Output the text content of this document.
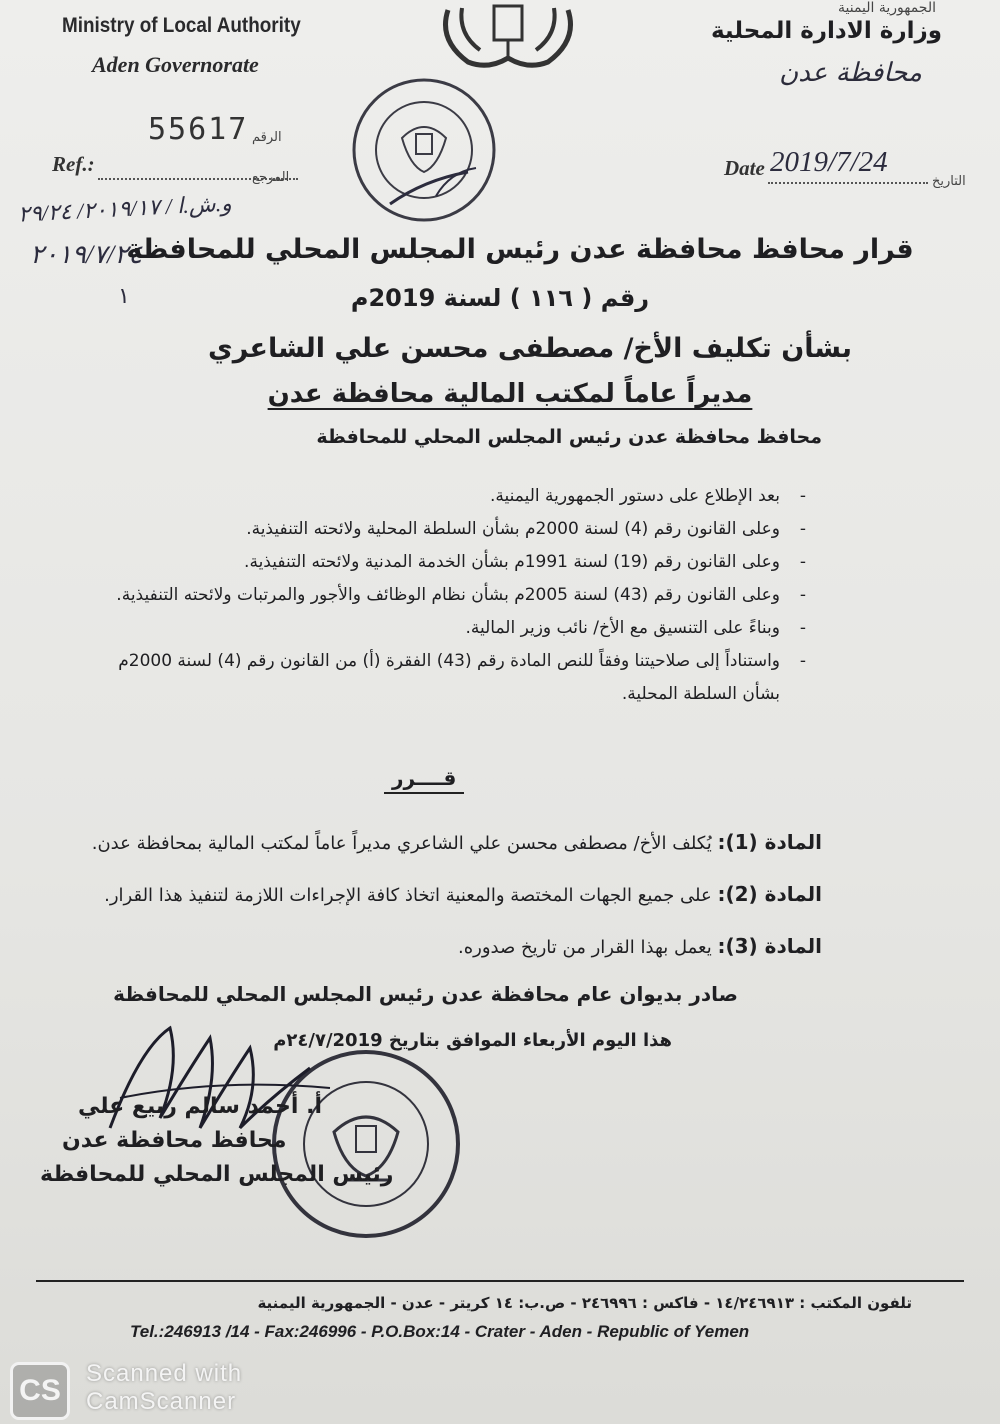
Ministry of Local Authority
Aden Governorate
الجمهورية اليمنية
وزارة الادارة المحلية
محافظة عدن
55617 الرقم
Ref.:
المرجع	Date 2019/7/24
التاريخ
و.ش.ا / ٢٠١٩/١٧/ ٢٩/٢٤
٢٠١٩/٧/٢٤
١
قرار محافظ محافظة عدن رئيس المجلس المحلي للمحافظة
رقم ( ١١٦ ) لسنة 2019م
بشأن تكليف الأخ/ مصطفى محسن علي الشاعري
مديراً عاماً لمكتب المالية محافظة عدن
محافظ محافظة عدن رئيس المجلس المحلي للمحافظة
- بعد الإطلاع على دستور الجمهورية اليمنية.
- وعلى القانون رقم (4) لسنة 2000م بشأن السلطة المحلية ولائحته التنفيذية.
- وعلى القانون رقم (19) لسنة 1991م بشأن الخدمة المدنية ولائحته التنفيذية.
- وعلى القانون رقم (43) لسنة 2005م بشأن نظام الوظائف والأجور والمرتبات ولائحته التنفيذية.
- وبناءً على التنسيق مع الأخ/ نائب وزير المالية.
- واستناداً إلى صلاحيتنا وفقاً للنص المادة رقم (43) الفقرة (أ) من القانون رقم (4) لسنة 2000م بشأن السلطة المحلية.
قــــرر
المادة (1): يُكلف الأخ/ مصطفى محسن علي الشاعري مديراً عاماً لمكتب المالية بمحافظة عدن.
المادة (2): على جميع الجهات المختصة والمعنية اتخاذ كافة الإجراءات اللازمة لتنفيذ هذا القرار.
المادة (3): يعمل بهذا القرار من تاريخ صدوره.
صادر بديوان عام محافظة عدن رئيس المجلس المحلي للمحافظة
هذا اليوم الأربعاء الموافق بتاريخ ٢٤/٧/2019م
أ. أحمد سالم ربيع علي
محافظ محافظة عدن
رئيس المجلس المحلي للمحافظة
تلفون المكتب : ١٤/٢٤٦٩١٣ - فاكس : ٢٤٦٩٩٦ - ص.ب: ١٤ كريتر - عدن - الجمهورية اليمنية
Tel.:246913 /14 - Fax:246996 - P.O.Box:14 - Crater - Aden - Republic of Yemen
CS
Scanned with
CamScanner
